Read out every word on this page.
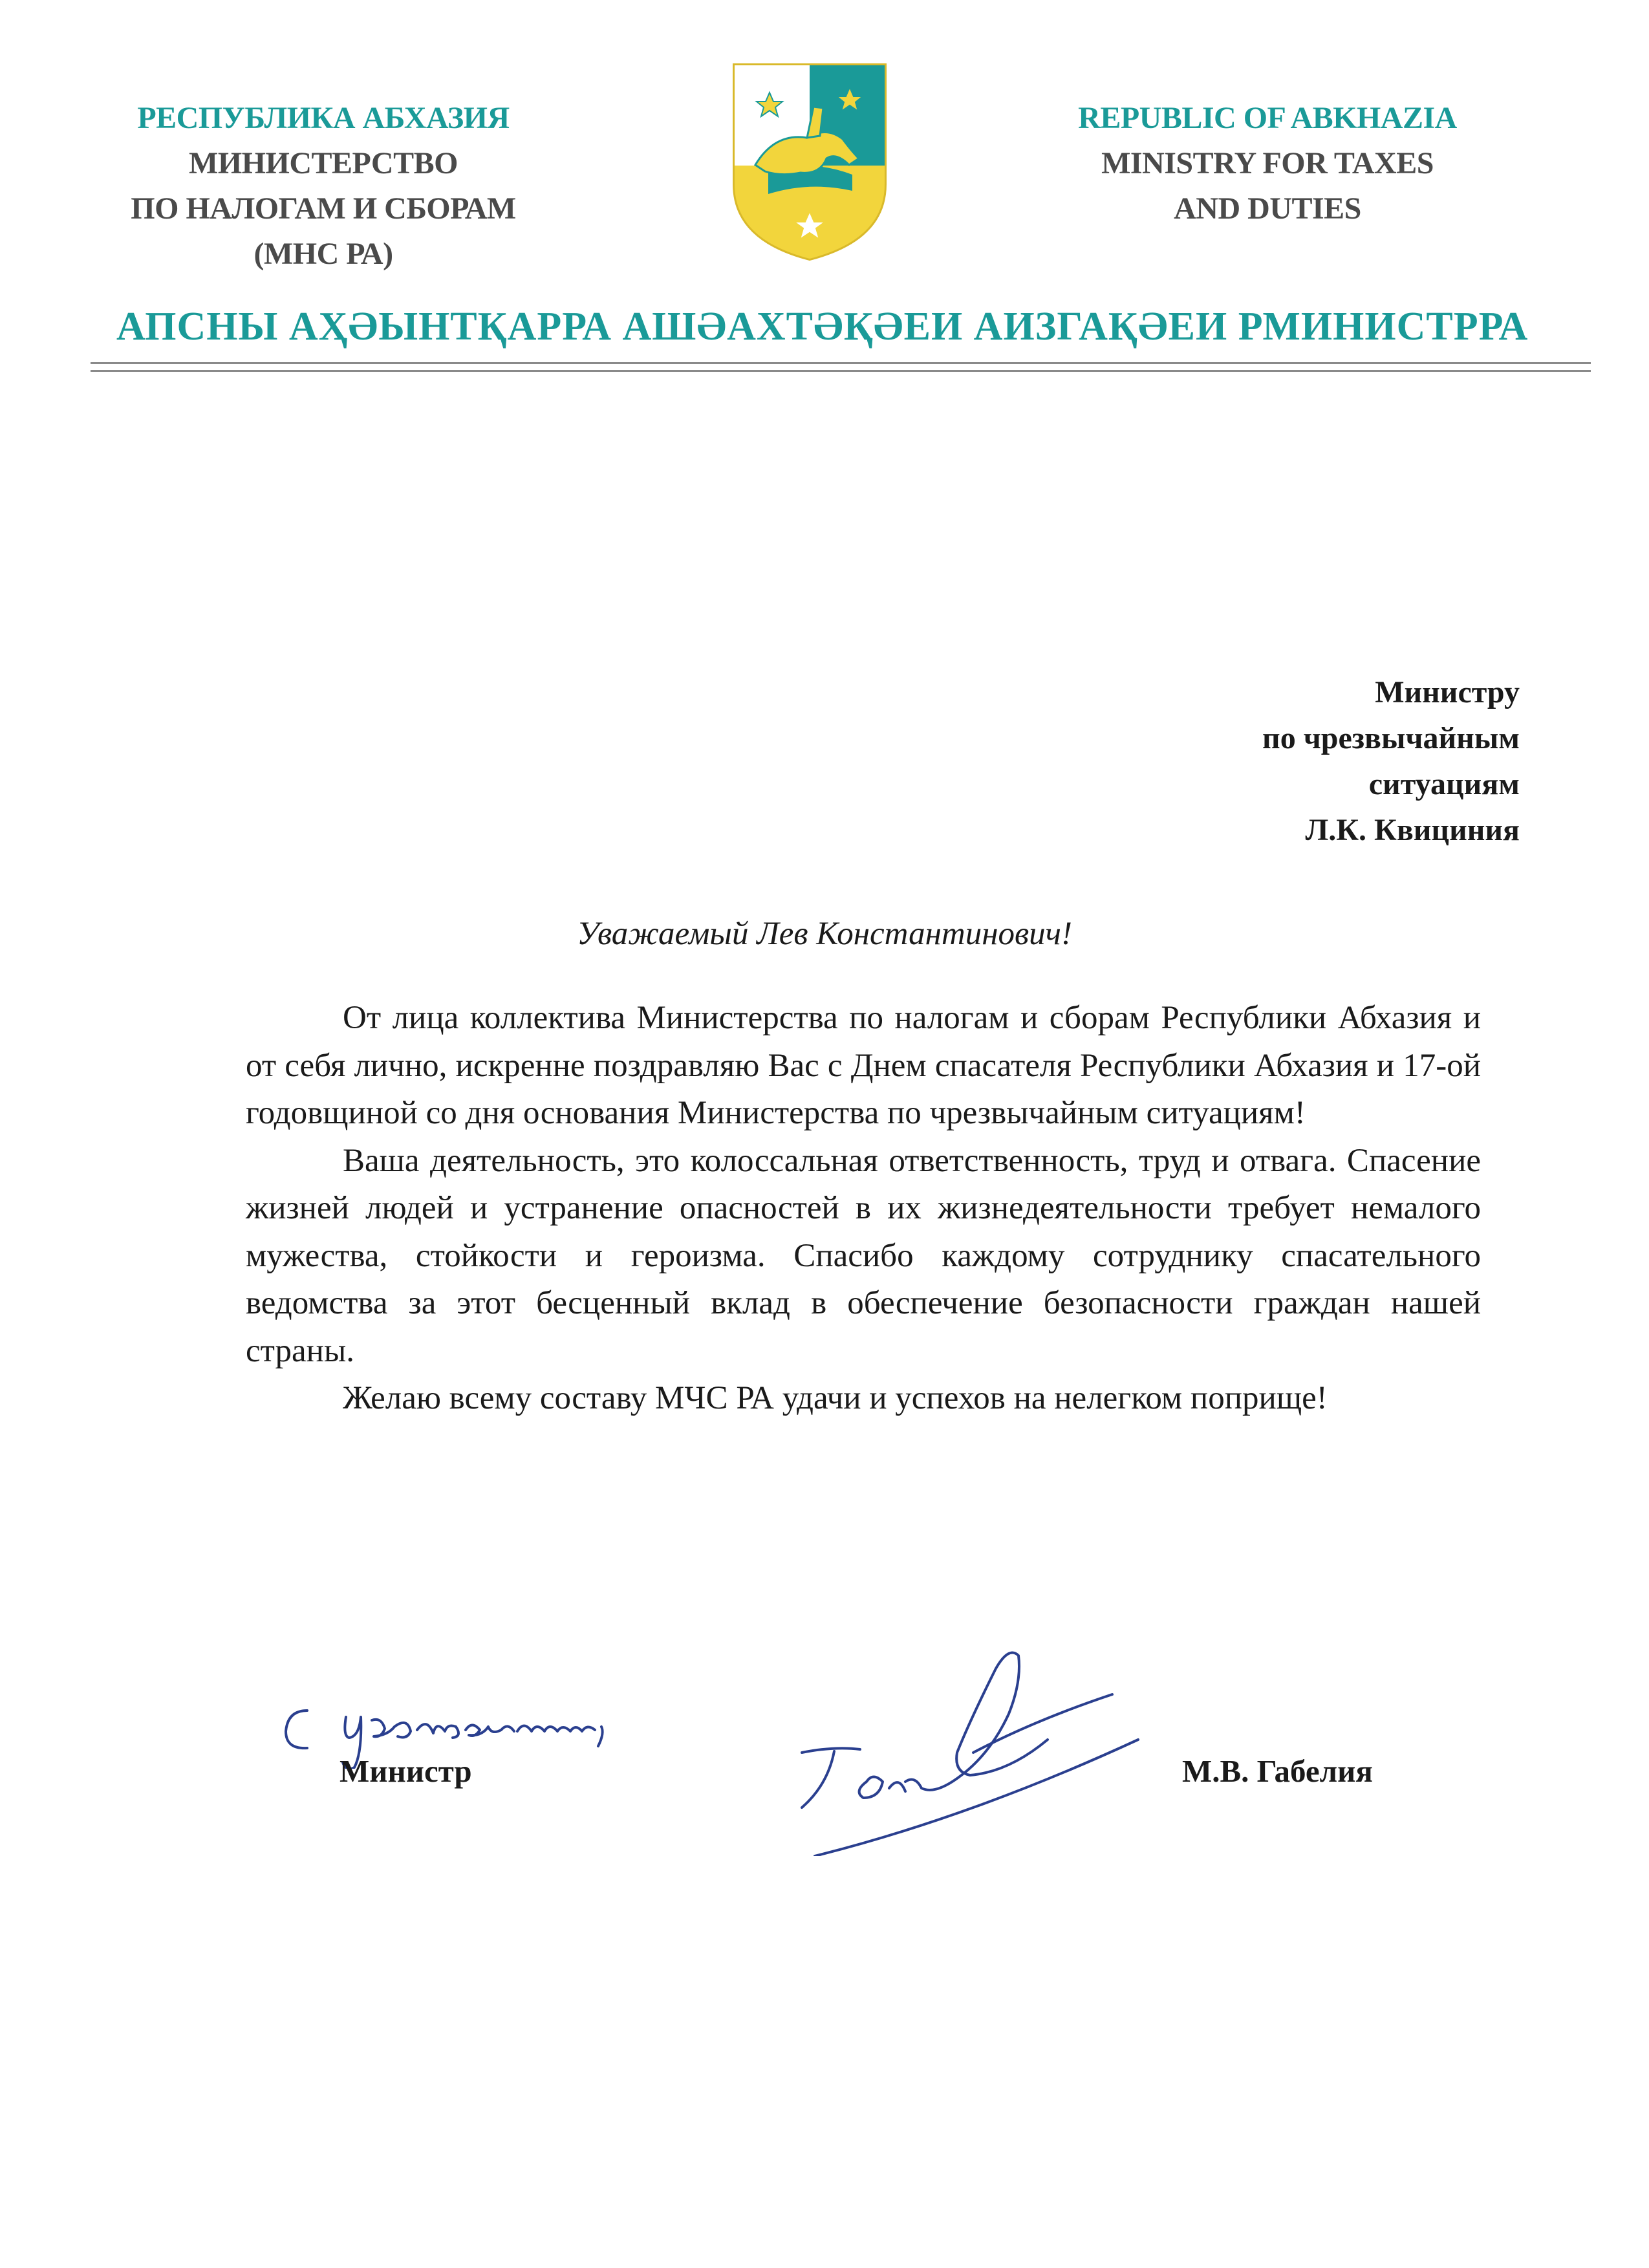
РЕСПУБЛИКА АБХАЗИЯ
МИНИСТЕРСТВО
ПО НАЛОГАМ И СБОРАМ
(МНС РА)
REPUBLIC OF ABKHAZIA
MINISTRY FOR TAXES
AND DUTIES
АПСНЫ АҲӘЫНТҚАРРА АШӘАХТӘҚӘЕИ АИЗГАҚӘЕИ РМИНИСТРРА
Министру
по чрезвычайным
ситуациям
Л.К. Квициния
Уважаемый Лев Константинович!

От лица коллектива Министерства по налогам и сборам Республики Абхазия и от себя лично, искренне поздравляю Вас с Днем спасателя Республики Абхазия и 17-ой годовщиной со дня основания Министерства по чрезвычайным ситуациям!

Ваша деятельность, это колоссальная ответственность, труд и отвага. Спасение жизней людей и устранение опасностей в их жизнедеятельности требует немалого мужества, стойкости и героизма. Спасибо каждому сотруднику спасательного ведомства за этот бесценный вклад в обеспечение безопасности граждан нашей страны.

Желаю всему составу МЧС РА удачи и успехов на нелегком поприще!

Министр	М.В. Габелия
